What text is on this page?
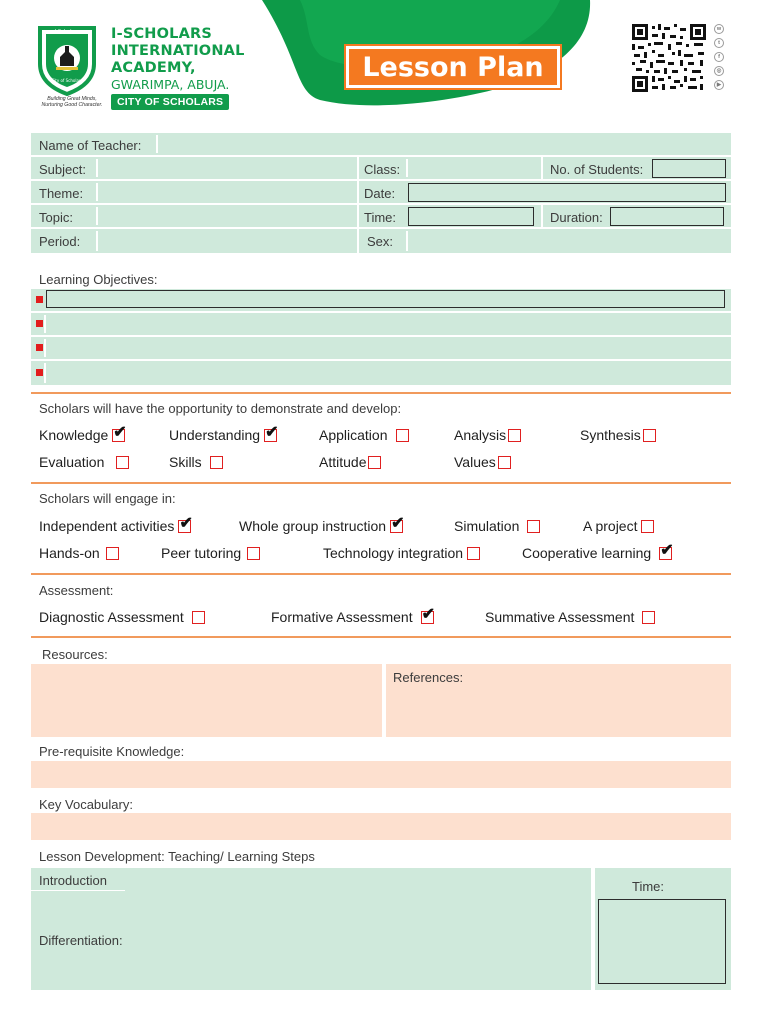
I-Scholars
City of Scholars
Building Great Minds,
Nurturing Good Character.
I-SCHOLARS
INTERNATIONAL
ACADEMY,
GWARIMPA, ABUJA.
CITY OF SCHOLARS
Lesson Plan
w
t
f
◎
▶
Name of Teacher:
Subject:	Class:	No. of Students:
Theme:	Date:
Topic:	Time:	Duration:
Period:	Sex:
Learning Objectives:
Scholars will have the opportunity to demonstrate and develop:
Knowledge ✔	Understanding ✔	Application	Analysis	Synthesis
Evaluation	Skills	Attitude	Values
Scholars will engage in:
Independent activities ✔	Whole group instruction ✔	Simulation	A project
Hands-on	Peer tutoring	Technology integration	Cooperative learning ✔
Assessment:
Diagnostic Assessment	Formative Assessment ✔	Summative Assessment
Resources:
References:
Pre-requisite Knowledge:
Key Vocabulary:
Lesson Development: Teaching/ Learning Steps
Introduction
Differentiation:
Time:
